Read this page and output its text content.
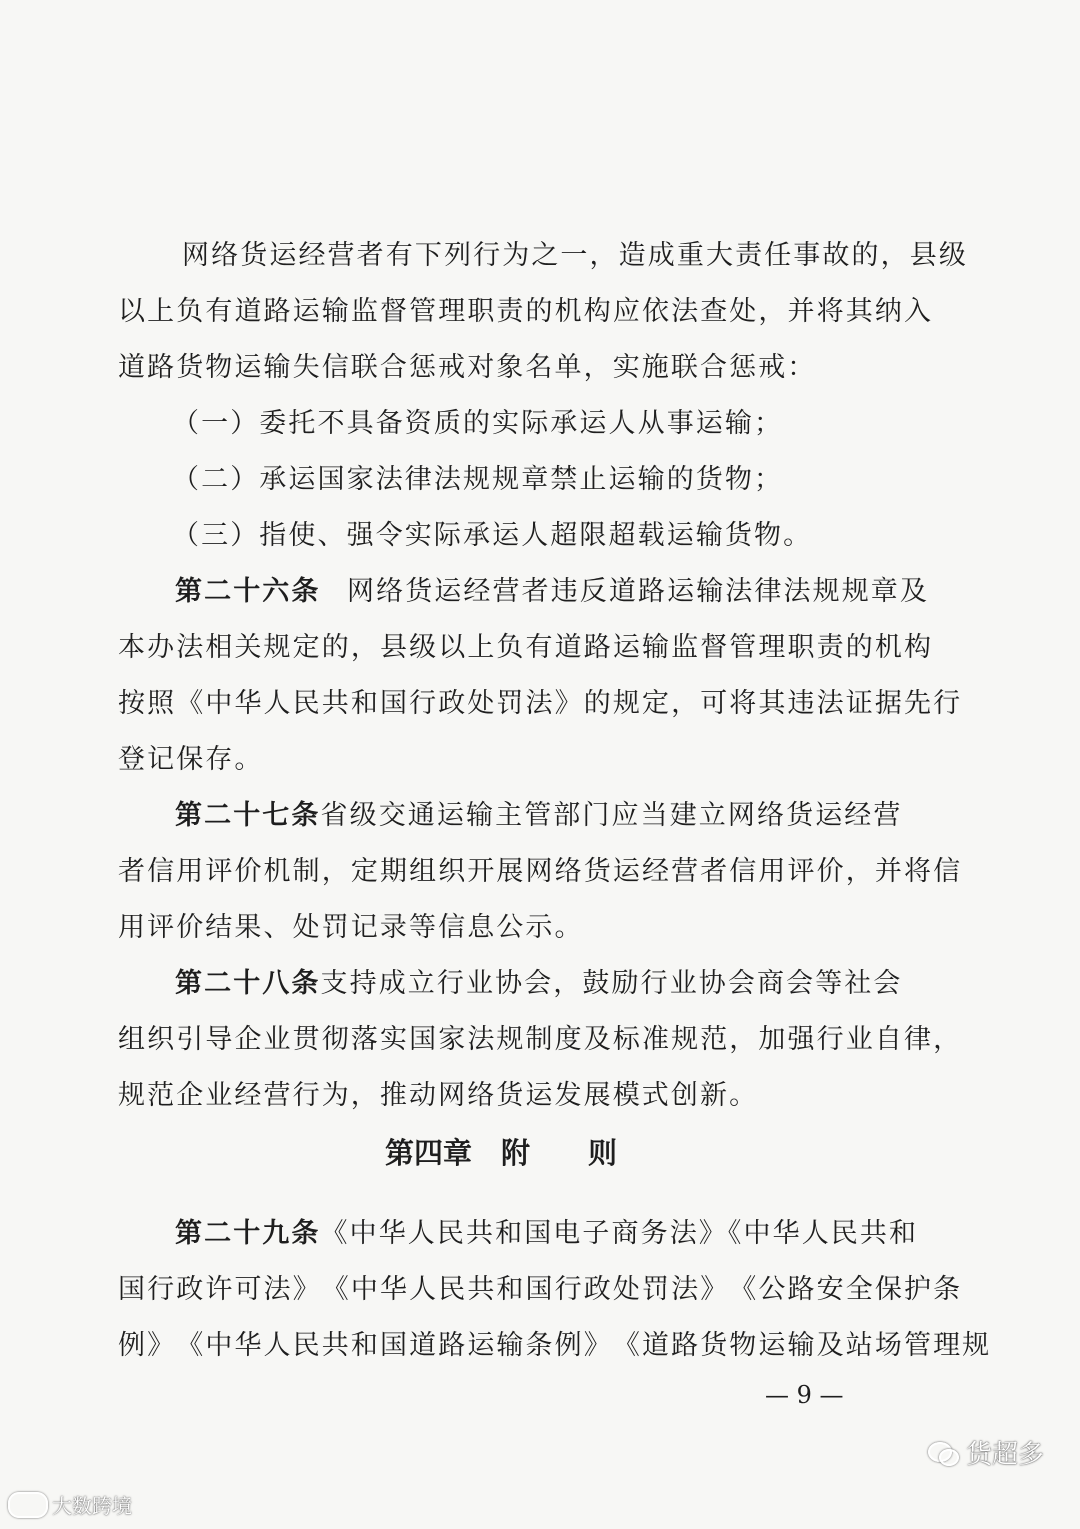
网 络 货 运 经 营 者 有 下 列 行 为 之 一 ， 造 成 重 大 责 任 事 故 的 ， 县 级
以 上 负 有 道 路 运 输 监 督 管 理 职 责 的 机 构 应 依 法 查 处 ， 并 将 其 纳 入
道路货物运输失信联合惩戒对象名单，实施联合惩戒：
（一）委托不具备资质的实际承运人从事运输；
（二）承运国家法律法规规章禁止运输的货物；
（三）指使、强令实际承运人超限超载运输货物。
第二十六条 网络货运经营者违反道路运输法律法规规章及
本 办 法 相 关 规 定 的 ， 县 级 以 上 负 有 道 路 运 输 监 督 管 理 职 责 的 机 构
按 照 《 中 华 人 民 共 和 国 行 政 处 罚 法 》 的 规 定 ， 可 将 其 违 法 证 据 先 行
登记保存。
第二十七条 省级交通运输主管部门应当建立网络货运经营
者 信 用 评 价 机 制 ， 定 期 组 织 开 展 网 络 货 运 经 营 者 信 用 评 价 ， 并 将 信
用评价结果、处罚记录等信息公示。
第二十八条 支持成立行业协会，鼓励行业协会商会等社会
组 织 引 导 企 业 贯 彻 落 实 国 家 法 规 制 度 及 标 准 规 范 ， 加 强 行 业 自 律 ，
规范企业经营行为，推动网络货运发展模式创新。
第四章　附　　则
第二十九条 《中华人民共和国电子商务法》《中华人民共和
国 行 政 许 可 法 》 《 中 华 人 民 共 和 国 行 政 处 罚 法 》 《 公 路 安 全 保 护 条
例 》 《 中 华 人 民 共 和 国 道 路 运 输 条 例 》 《 道 路 货 物 运 输 及 站 场 管 理 规
— 9 —
大数跨境
货超多
